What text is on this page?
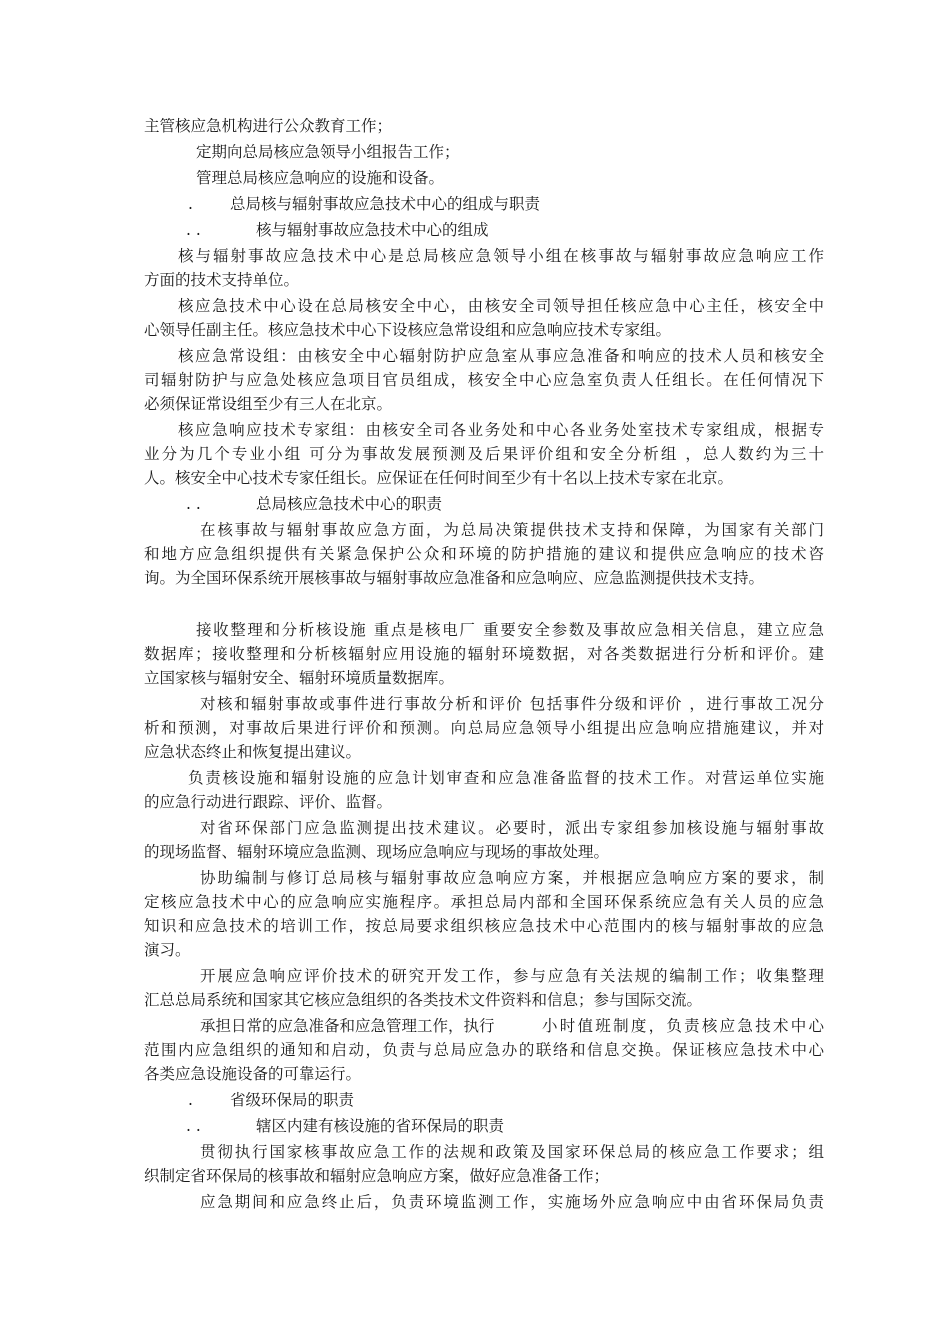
主管核应急机构进行公众教育工作；
定期向总局核应急领导小组报告工作；
管理总局核应急响应的设施和设备。
. 总局核与辐射事故应急技术中心的组成与职责
. .	核与辐射事故应急技术中心的组成
核与辐射事故应急技术中心是总局核应急领导小组在核事故与辐射事故应急响应工作
方面的技术支持单位。
核应急技术中心设在总局核安全中心，由核安全司领导担任核应急中心主任，核安全中
心领导任副主任。核应急技术中心下设核应急常设组和应急响应技术专家组。
核应急常设组：由核安全中心辐射防护应急室从事应急准备和响应的技术人员和核安全
司辐射防护与应急处核应急项目官员组成，核安全中心应急室负责人任组长。在任何情况下
必须保证常设组至少有三人在北京。
核应急响应技术专家组：由核安全司各业务处和中心各业务处室技术专家组成，根据专
业分为几个专业小组 可分为事故发展预测及后果评价组和安全分析组 ，总人数约为三十
人。核安全中心技术专家任组长。应保证在任何时间至少有十名以上技术专家在北京。
. .	总局核应急技术中心的职责
在核事故与辐射事故应急方面，为总局决策提供技术支持和保障，为国家有关部门
和地方应急组织提供有关紧急保护公众和环境的防护措施的建议和提供应急响应的技术咨
询。为全国环保系统开展核事故与辐射事故应急准备和应急响应、应急监测提供技术支持。
接收整理和分析核设施 重点是核电厂 重要安全参数及事故应急相关信息，建立应急
数据库；接收整理和分析核辐射应用设施的辐射环境数据，对各类数据进行分析和评价。建
立国家核与辐射安全、辐射环境质量数据库。
对核和辐射事故或事件进行事故分析和评价 包括事件分级和评价 ，进行事故工况分
析和预测，对事故后果进行评价和预测。向总局应急领导小组提出应急响应措施建议，并对
应急状态终止和恢复提出建议。
负责核设施和辐射设施的应急计划审查和应急准备监督的技术工作。对营运单位实施
的应急行动进行跟踪、评价、监督。
对省环保部门应急监测提出技术建议。必要时，派出专家组参加核设施与辐射事故
的现场监督、辐射环境应急监测、现场应急响应与现场的事故处理。
协助编制与修订总局核与辐射事故应急响应方案，并根据应急响应方案的要求，制
定核应急技术中心的应急响应实施程序。承担总局内部和全国环保系统应急有关人员的应急
知识和应急技术的培训工作，按总局要求组织核应急技术中心范围内的核与辐射事故的应急
演习。
开展应急响应评价技术的研究开发工作，参与应急有关法规的编制工作；收集整理
汇总总局系统和国家其它核应急组织的各类技术文件资料和信息；参与国际交流。
承担日常的应急准备和应急管理工作，执行	小时值班制度，负责核应急技术中心
范围内应急组织的通知和启动，负责与总局应急办的联络和信息交换。保证核应急技术中心
各类应急设施设备的可靠运行。
. 省级环保局的职责
. .	辖区内建有核设施的省环保局的职责
贯彻执行国家核事故应急工作的法规和政策及国家环保总局的核应急工作要求；组
织制定省环保局的核事故和辐射应急响应方案，做好应急准备工作；
应急期间和应急终止后，负责环境监测工作，实施场外应急响应中由省环保局负责
